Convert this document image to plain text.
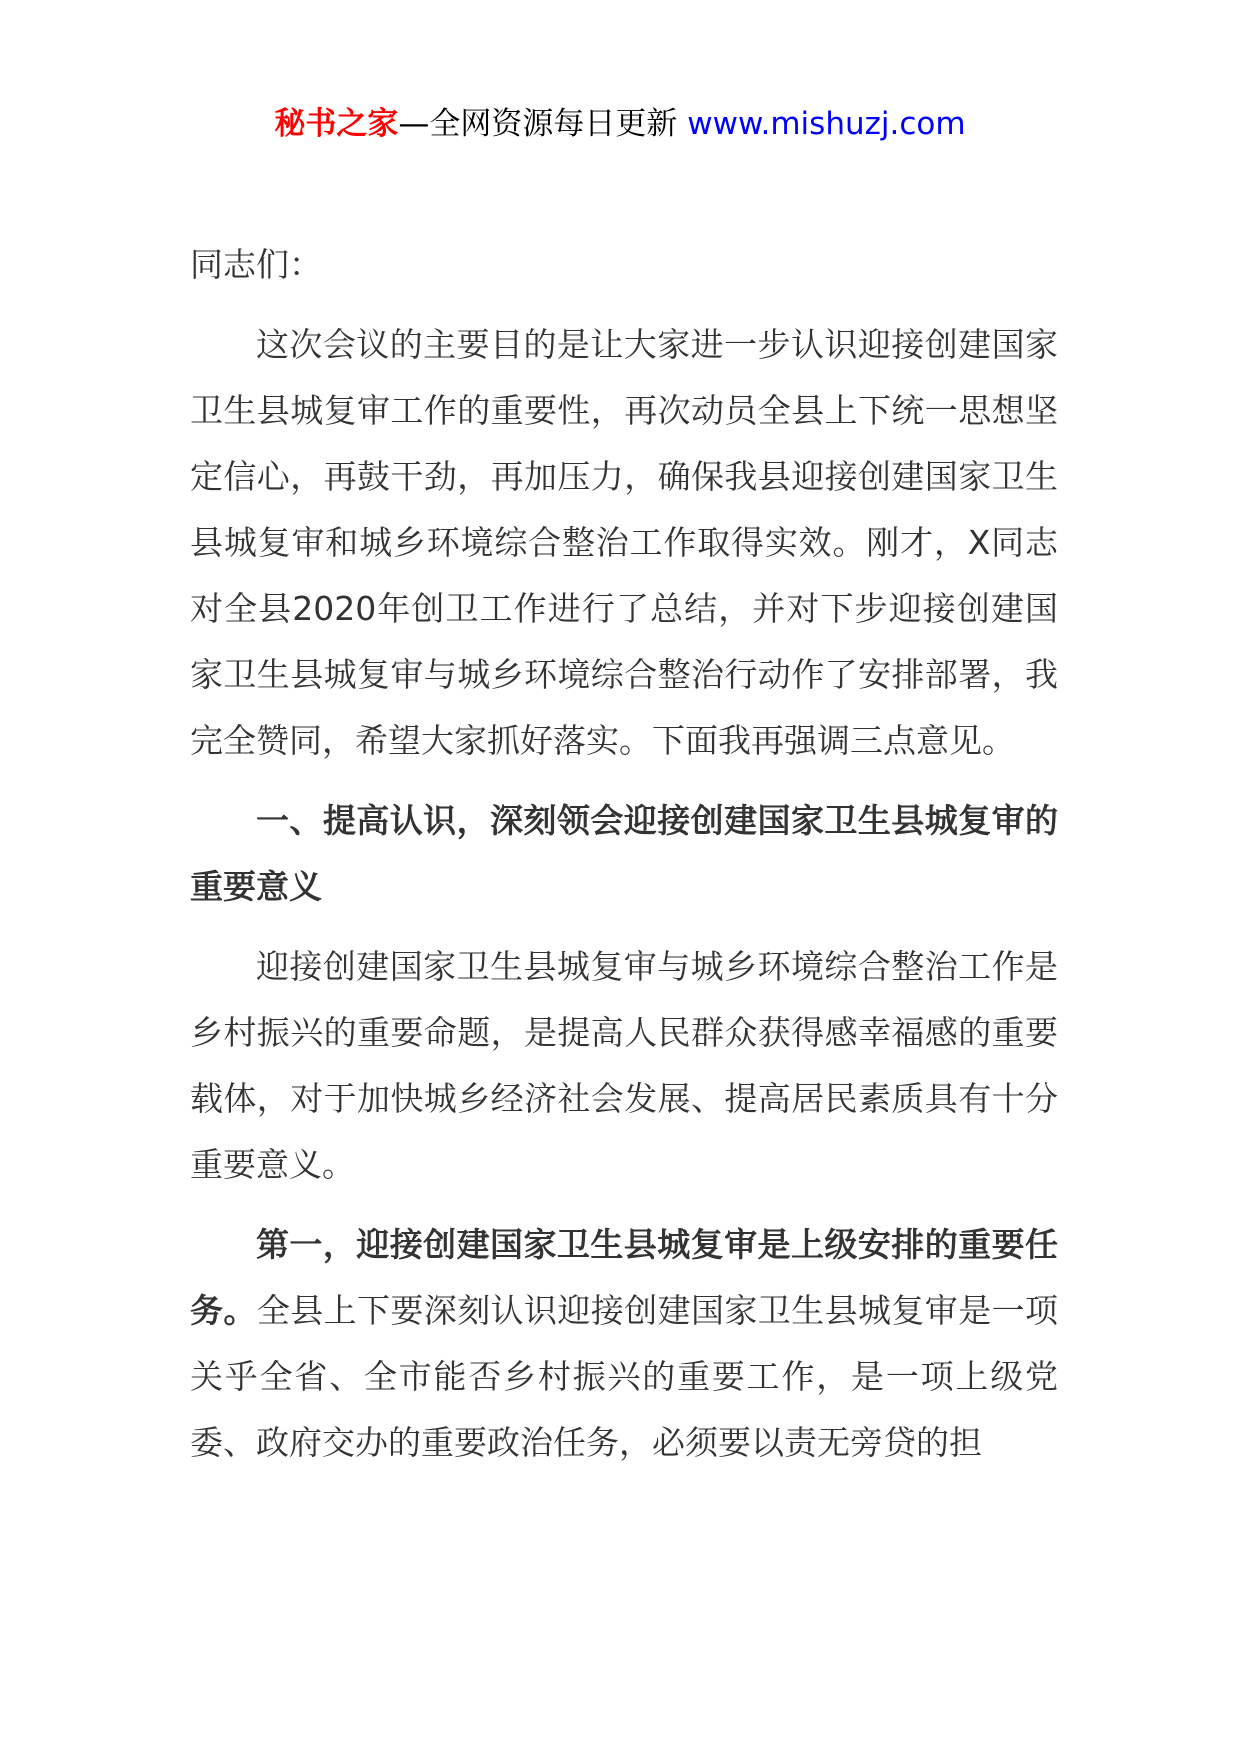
秘书之家—全网资源每日更新 www.mishuzj.com

同志们：

这次会议的主要目的是让大家进一步认识迎接创建国家卫生县城复审工作的重要性，再次动员全县上下统一思想坚定信心，再鼓干劲，再加压力，确保我县迎接创建国家卫生县城复审和城乡环境综合整治工作取得实效。刚才，X同志对全县2020年创卫工作进行了总结，并对下步迎接创建国家卫生县城复审与城乡环境综合整治行动作了安排部署，我完全赞同，希望大家抓好落实。下面我再强调三点意见。

一、提高认识，深刻领会迎接创建国家卫生县城复审的重要意义

迎接创建国家卫生县城复审与城乡环境综合整治工作是乡村振兴的重要命题，是提高人民群众获得感幸福感的重要载体，对于加快城乡经济社会发展、提高居民素质具有十分重要意义。

第一，迎接创建国家卫生县城复审是上级安排的重要任务。全县上下要深刻认识迎接创建国家卫生县城复审是一项关乎全省、全市能否乡村振兴的重要工作，是一项上级党委、政府交办的重要政治任务，必须要以责无旁贷的担
